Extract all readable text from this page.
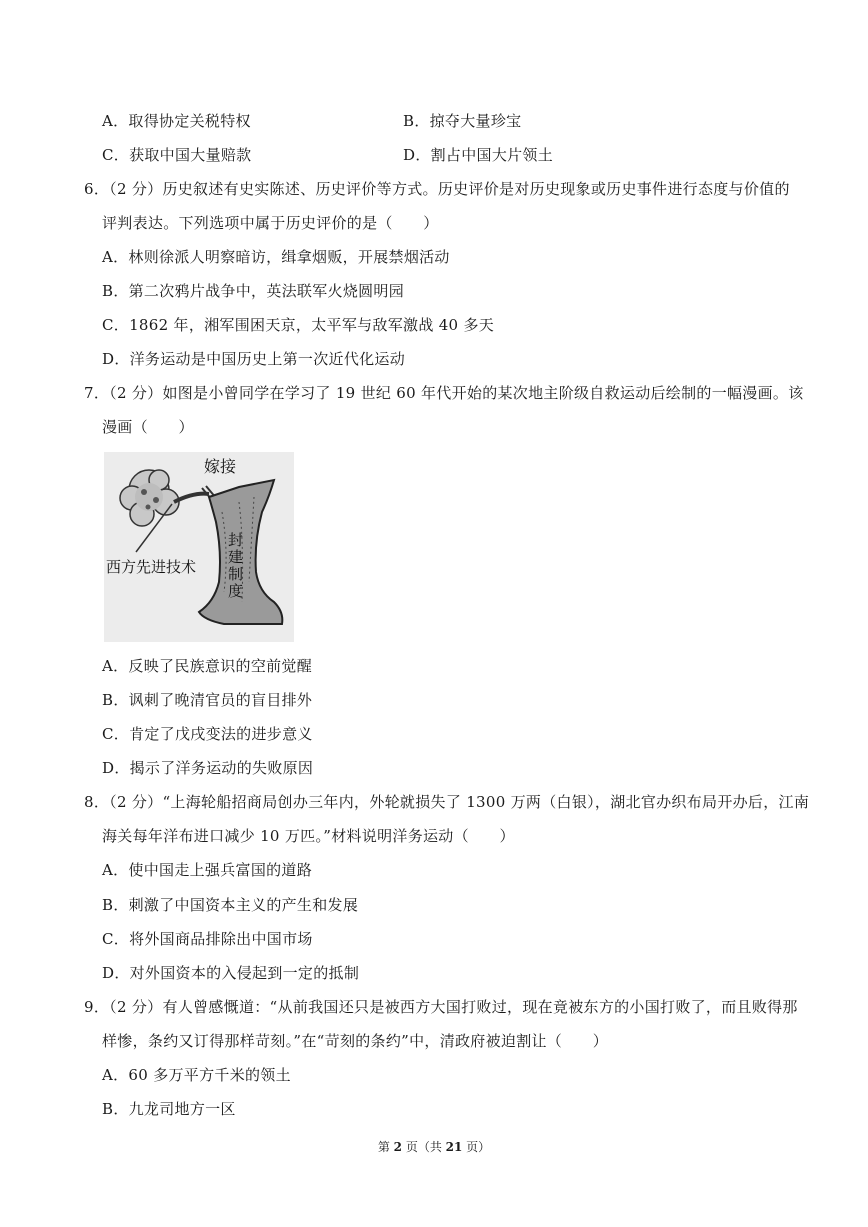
A．取得协定关税特权	B．掠夺大量珍宝
C．获取中国大量赔款	D．割占中国大片领土
6．（2 分）历史叙述有史实陈述、历史评价等方式。历史评价是对历史现象或历史事件进行态度与价值的
评判表达。下列选项中属于历史评价的是（　　）
A．林则徐派人明察暗访，缉拿烟贩，开展禁烟活动
B．第二次鸦片战争中，英法联军火烧圆明园
C．1862 年，湘军围困天京，太平军与敌军激战 40 多天
D．洋务运动是中国历史上第一次近代化运动
7．（2 分）如图是小曾同学在学习了 19 世纪 60 年代开始的某次地主阶级自救运动后绘制的一幅漫画。该
漫画（　　）
嫁接
西方先进技术
封
建
制
度
A．反映了民族意识的空前觉醒
B．讽刺了晚清官员的盲目排外
C．肯定了戊戌变法的进步意义
D．揭示了洋务运动的失败原因
8．（2 分）“上海轮船招商局创办三年内，外轮就损失了 1300 万两（白银），湖北官办织布局开办后，江南
海关每年洋布进口减少 10 万匹。”材料说明洋务运动（　　）
A．使中国走上强兵富国的道路
B．刺激了中国资本主义的产生和发展
C．将外国商品排除出中国市场
D．对外国资本的入侵起到一定的抵制
9．（2 分）有人曾感慨道：“从前我国还只是被西方大国打败过，现在竟被东方的小国打败了，而且败得那
样惨，条约又订得那样苛刻。”在“苛刻的条约”中，清政府被迫割让（　　）
A．60 多万平方千米的领土
B．九龙司地方一区
第 2 页（共 21 页）
